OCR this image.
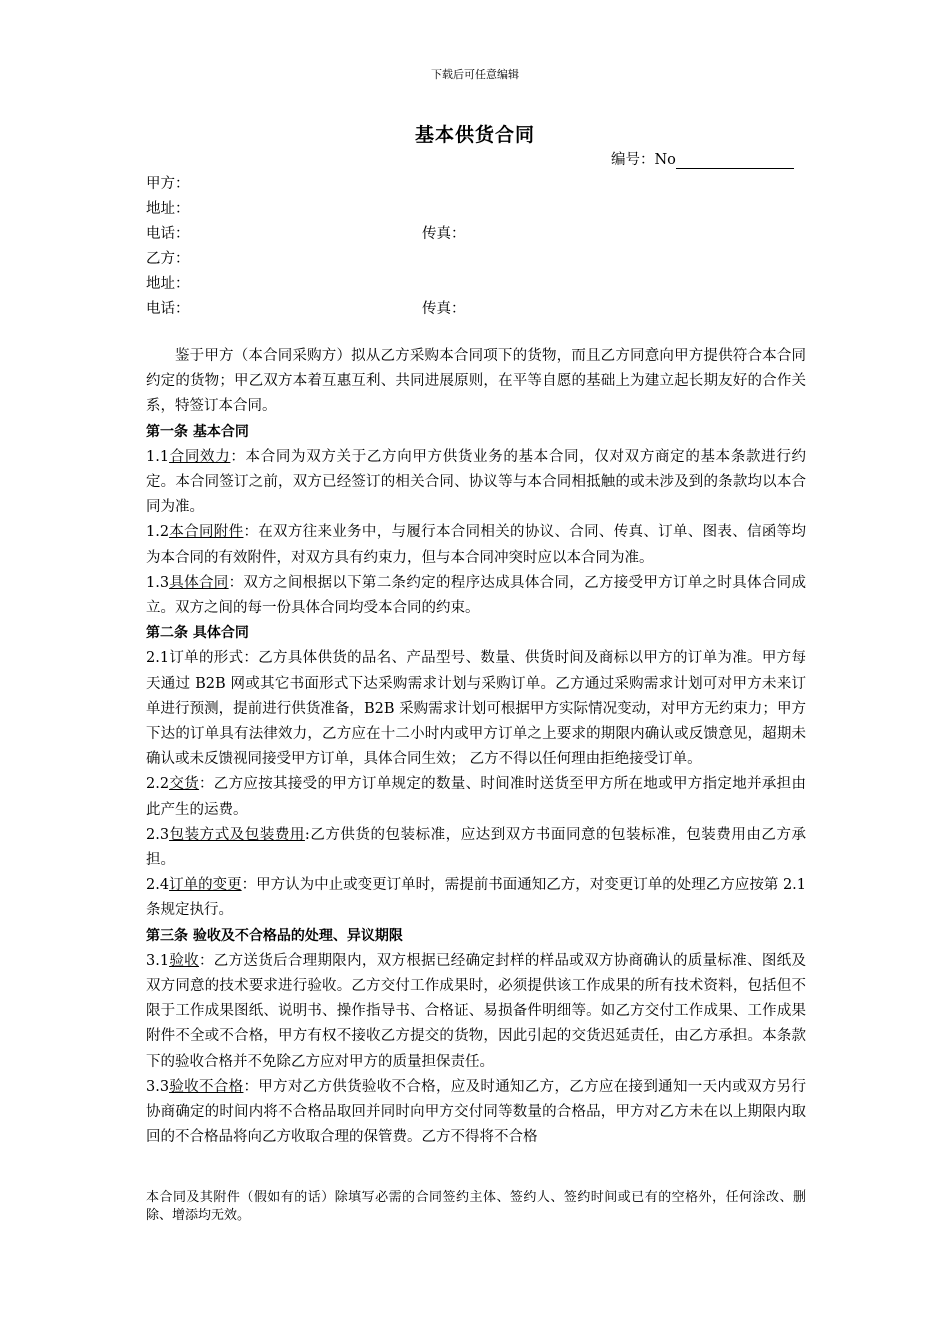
下载后可任意编辑
基本供货合同
编号：No
甲方：
地址：
电话：	传真：
乙方：
地址：
电话：	传真：

鉴于甲方（本合同采购方）拟从乙方采购本合同项下的货物，而且乙方同意向甲方提供符合本合同约定的货物；甲乙双方本着互惠互利、共同进展原则，在平等自愿的基础上为建立起长期友好的合作关系，特签订本合同。

第一条 基本合同

1.1合同效力：本合同为双方关于乙方向甲方供货业务的基本合同，仅对双方商定的基本条款进行约定。本合同签订之前，双方已经签订的相关合同、协议等与本合同相抵触的或未涉及到的条款均以本合同为准。

1.2本合同附件：在双方往来业务中，与履行本合同相关的协议、合同、传真、订单、图表、信函等均为本合同的有效附件，对双方具有约束力，但与本合同冲突时应以本合同为准。

1.3具体合同：双方之间根据以下第二条约定的程序达成具体合同，乙方接受甲方订单之时具体合同成立。双方之间的每一份具体合同均受本合同的约束。

第二条 具体合同

2.1订单的形式：乙方具体供货的品名、产品型号、数量、供货时间及商标以甲方的订单为准。甲方每天通过 B2B 网或其它书面形式下达采购需求计划与采购订单。乙方通过采购需求计划可对甲方未来订单进行预测，提前进行供货准备，B2B 采购需求计划可根据甲方实际情况变动，对甲方无约束力；甲方下达的订单具有法律效力，乙方应在十二小时内或甲方订单之上要求的期限内确认或反馈意见，超期未确认或未反馈视同接受甲方订单，具体合同生效； 乙方不得以任何理由拒绝接受订单。

2.2交货：乙方应按其接受的甲方订单规定的数量、时间准时送货至甲方所在地或甲方指定地并承担由此产生的运费。

2.3包装方式及包装费用:乙方供货的包装标准，应达到双方书面同意的包装标准，包装费用由乙方承担。

2.4订单的变更：甲方认为中止或变更订单时，需提前书面通知乙方，对变更订单的处理乙方应按第 2.1 条规定执行。

第三条 验收及不合格品的处理、异议期限

3.1验收：乙方送货后合理期限内，双方根据已经确定封样的样品或双方协商确认的质量标准、图纸及双方同意的技术要求进行验收。乙方交付工作成果时，必须提供该工作成果的所有技术资料，包括但不限于工作成果图纸、说明书、操作指导书、合格证、易损备件明细等。如乙方交付工作成果、工作成果附件不全或不合格，甲方有权不接收乙方提交的货物，因此引起的交货迟延责任，由乙方承担。本条款下的验收合格并不免除乙方应对甲方的质量担保责任。

3.3验收不合格：甲方对乙方供货验收不合格，应及时通知乙方，乙方应在接到通知一天内或双方另行协商确定的时间内将不合格品取回并同时向甲方交付同等数量的合格品，甲方对乙方未在以上期限内取回的不合格品将向乙方收取合理的保管费。乙方不得将不合格

本合同及其附件（假如有的话）除填写必需的合同签约主体、签约人、签约时间或已有的空格外，任何涂改、删除、增添均无效。
